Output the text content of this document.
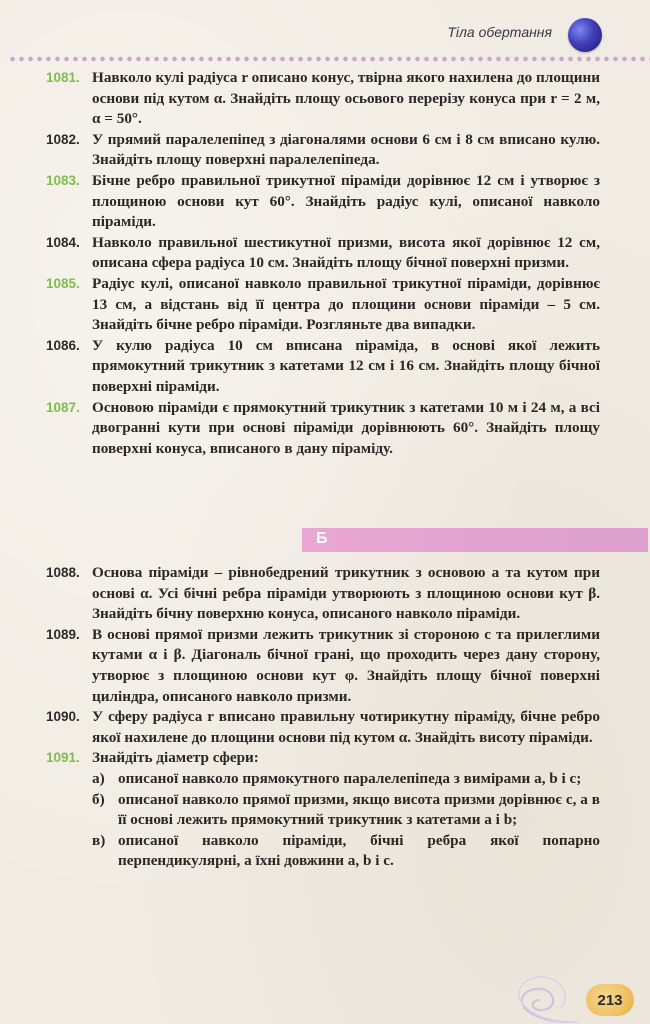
Тіла обертання
1081. Навколо кулі радіуса r описано конус, твірна якого нахилена до площини основи під кутом α. Знайдіть площу осьового перерізу конуса при r = 2 м, α = 50°.
1082. У прямий паралелепіпед з діагоналями основи 6 см і 8 см вписано кулю. Знайдіть площу поверхні паралелепіпеда.
1083. Бічне ребро правильної трикутної піраміди дорівнює 12 см і утворює з площиною основи кут 60°. Знайдіть радіус кулі, описаної навколо піраміди.
1084. Навколо правильної шестикутної призми, висота якої дорівнює 12 см, описана сфера радіуса 10 см. Знайдіть площу бічної поверхні призми.
1085. Радіус кулі, описаної навколо правильної трикутної піраміди, дорівнює 13 см, а відстань від її центра до площини основи піраміди – 5 см. Знайдіть бічне ребро піраміди. Розгляньте два випадки.
1086. У кулю радіуса 10 см вписана піраміда, в основі якої лежить прямокутний трикутник з катетами 12 см і 16 см. Знайдіть площу бічної поверхні піраміди.
1087. Основою піраміди є прямокутний трикутник з катетами 10 м і 24 м, а всі двогранні кути при основі піраміди дорівнюють 60°. Знайдіть площу поверхні конуса, вписаного в дану піраміду.
Б
1088. Основа піраміди – рівнобедрений трикутник з основою a та кутом при основі α. Усі бічні ребра піраміди утворюють з площиною основи кут β. Знайдіть бічну поверхню конуса, описаного навколо піраміди.
1089. В основі прямої призми лежить трикутник зі стороною c та прилеглими кутами α і β. Діагональ бічної грані, що проходить через дану сторону, утворює з площиною основи кут φ. Знайдіть площу бічної поверхні циліндра, описаного навколо призми.
1090. У сферу радіуса r вписано правильну чотирикутну піраміду, бічне ребро якої нахилене до площини основи під кутом α. Знайдіть висоту піраміди.
1091. Знайдіть діаметр сфери:
а) описаної навколо прямокутного паралелепіпеда з вимірами a, b і c;
б) описаної навколо прямої призми, якщо висота призми дорівнює c, а в її основі лежить прямокутний трикутник з катетами a і b;
в) описаної навколо піраміди, бічні ребра якої попарно перпендикулярні, а їхні довжини a, b і c.
213
